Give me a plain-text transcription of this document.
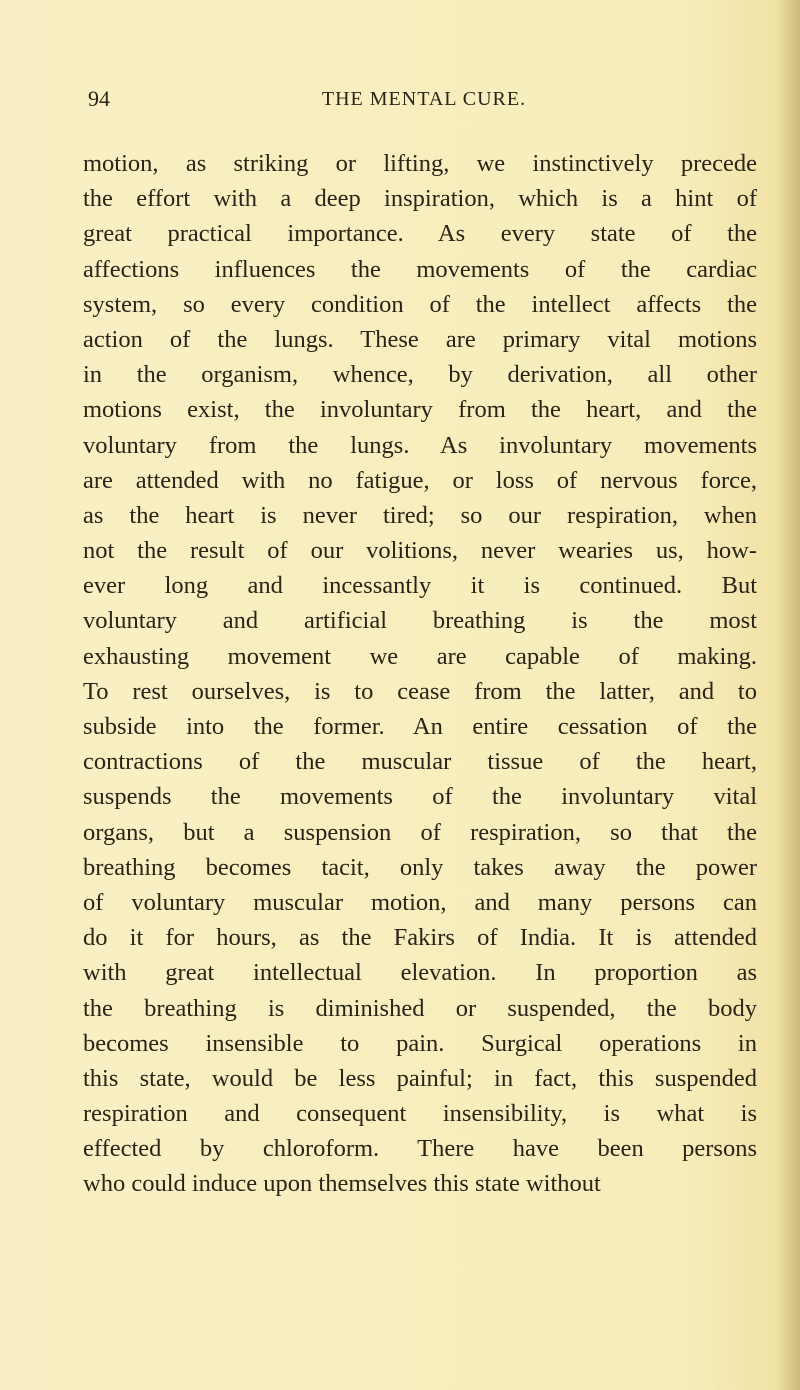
94	THE MENTAL CURE.
motion, as striking or lifting, we instinctively precede
the effort with a deep inspiration, which is a hint of
great practical importance. As every state of the
affections influences the movements of the cardiac
system, so every condition of the intellect affects the
action of the lungs. These are primary vital motions
in the organism, whence, by derivation, all other
motions exist, the involuntary from the heart, and the
voluntary from the lungs. As involuntary movements
are attended with no fatigue, or loss of nervous force,
as the heart is never tired; so our respiration, when
not the result of our volitions, never wearies us, how-
ever long and incessantly it is continued. But
voluntary and artificial breathing is the most
exhausting movement we are capable of making.
To rest ourselves, is to cease from the latter, and to
subside into the former. An entire cessation of the
contractions of the muscular tissue of the heart,
suspends the movements of the involuntary vital
organs, but a suspension of respiration, so that the
breathing becomes tacit, only takes away the power
of voluntary muscular motion, and many persons can
do it for hours, as the Fakirs of India. It is attended
with great intellectual elevation. In proportion as
the breathing is diminished or suspended, the body
becomes insensible to pain. Surgical operations in
this state, would be less painful; in fact, this suspended
respiration and consequent insensibility, is what is
effected by chloroform. There have been persons
who could induce upon themselves this state without
